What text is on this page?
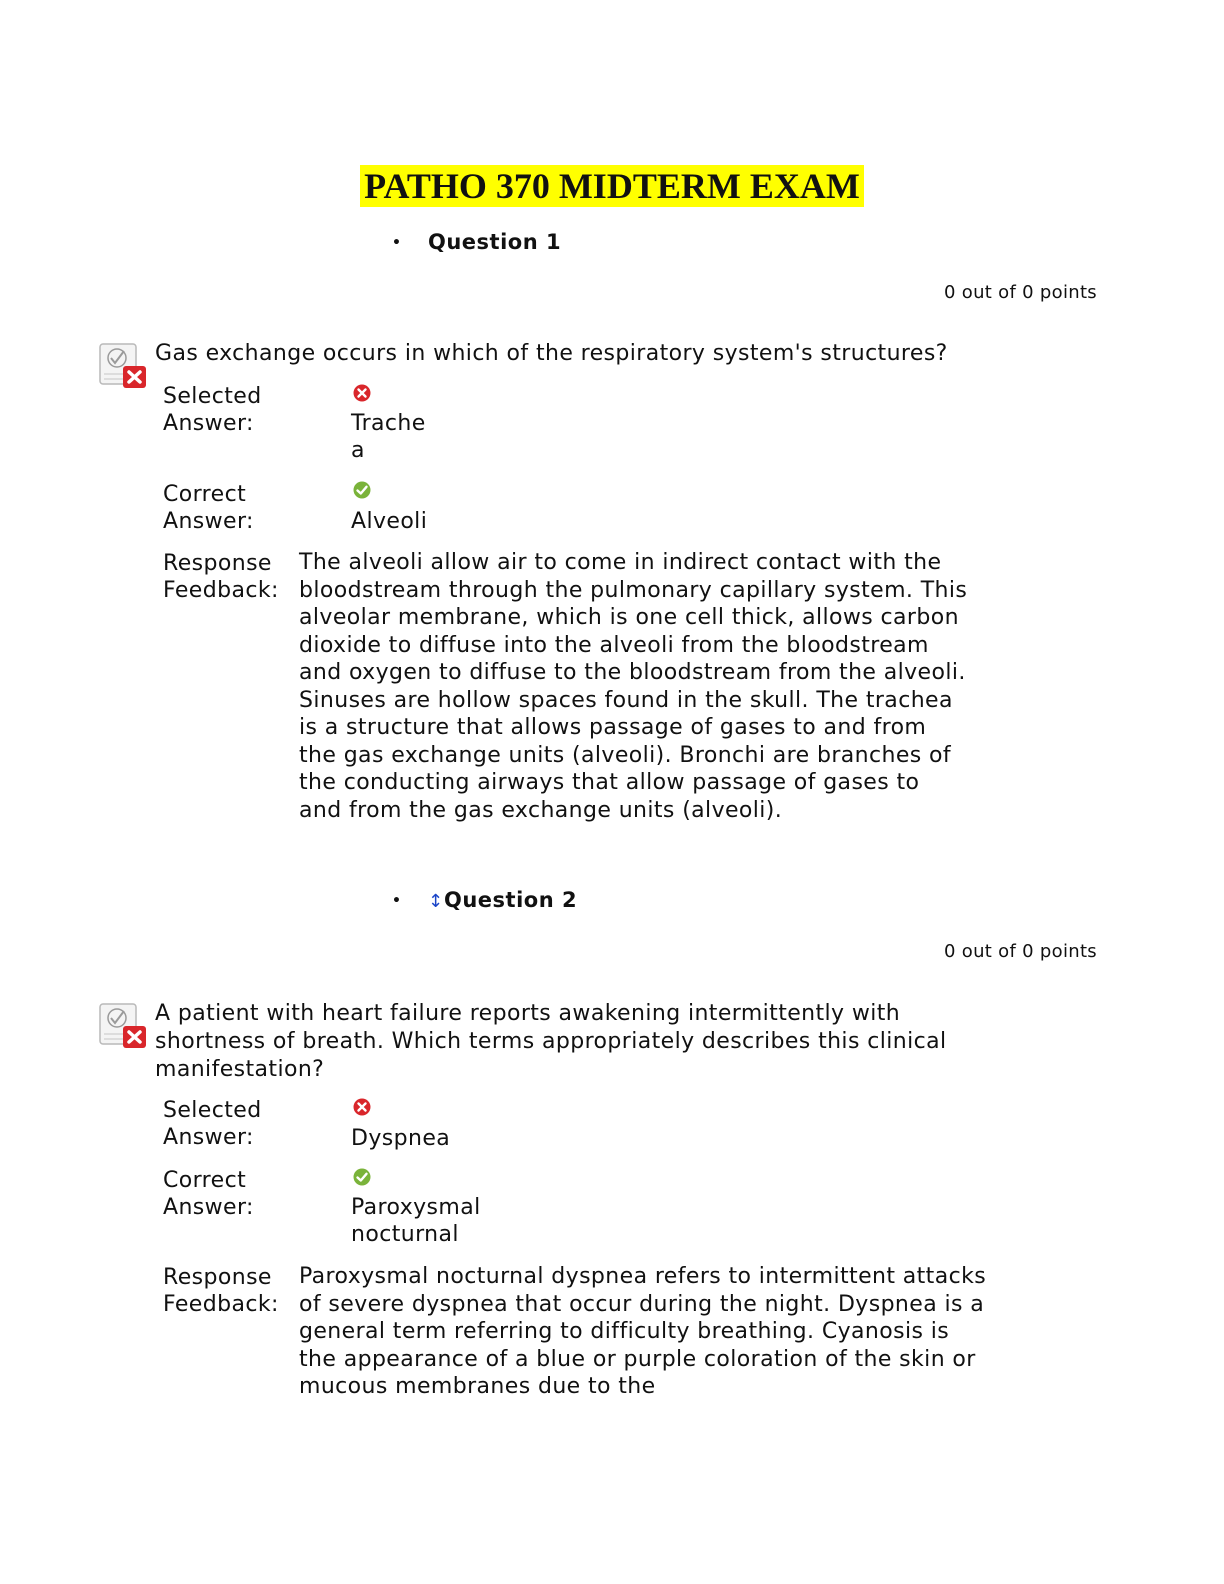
PATHO 370 MIDTERM EXAM
• Question 1
0 out of 0 points
Gas exchange occurs in which of the respiratory system's structures?
Selected Answer:	Trachea
Correct Answer:	Alveoli
Response Feedback:
The alveoli allow air to come in indirect contact with the bloodstream through the pulmonary capillary system. This alveolar membrane, which is one cell thick, allows carbon dioxide to diffuse into the alveoli from the bloodstream and oxygen to diffuse to the bloodstream from the alveoli. Sinuses are hollow spaces found in the skull. The trachea is a structure that allows passage of gases to and from the gas exchange units (alveoli). Bronchi are branches of the conducting airways that allow passage of gases to and from the gas exchange units (alveoli).
• ↕Question 2
0 out of 0 points
A patient with heart failure reports awakening intermittently with shortness of breath. Which terms appropriately describes this clinical manifestation?
Selected Answer:	Dyspnea
Correct Answer:	Paroxysmal nocturnal
Response Feedback:
Paroxysmal nocturnal dyspnea refers to intermittent attacks of severe dyspnea that occur during the night. Dyspnea is a general term referring to difficulty breathing. Cyanosis is the appearance of a blue or purple coloration of the skin or mucous membranes due to the
